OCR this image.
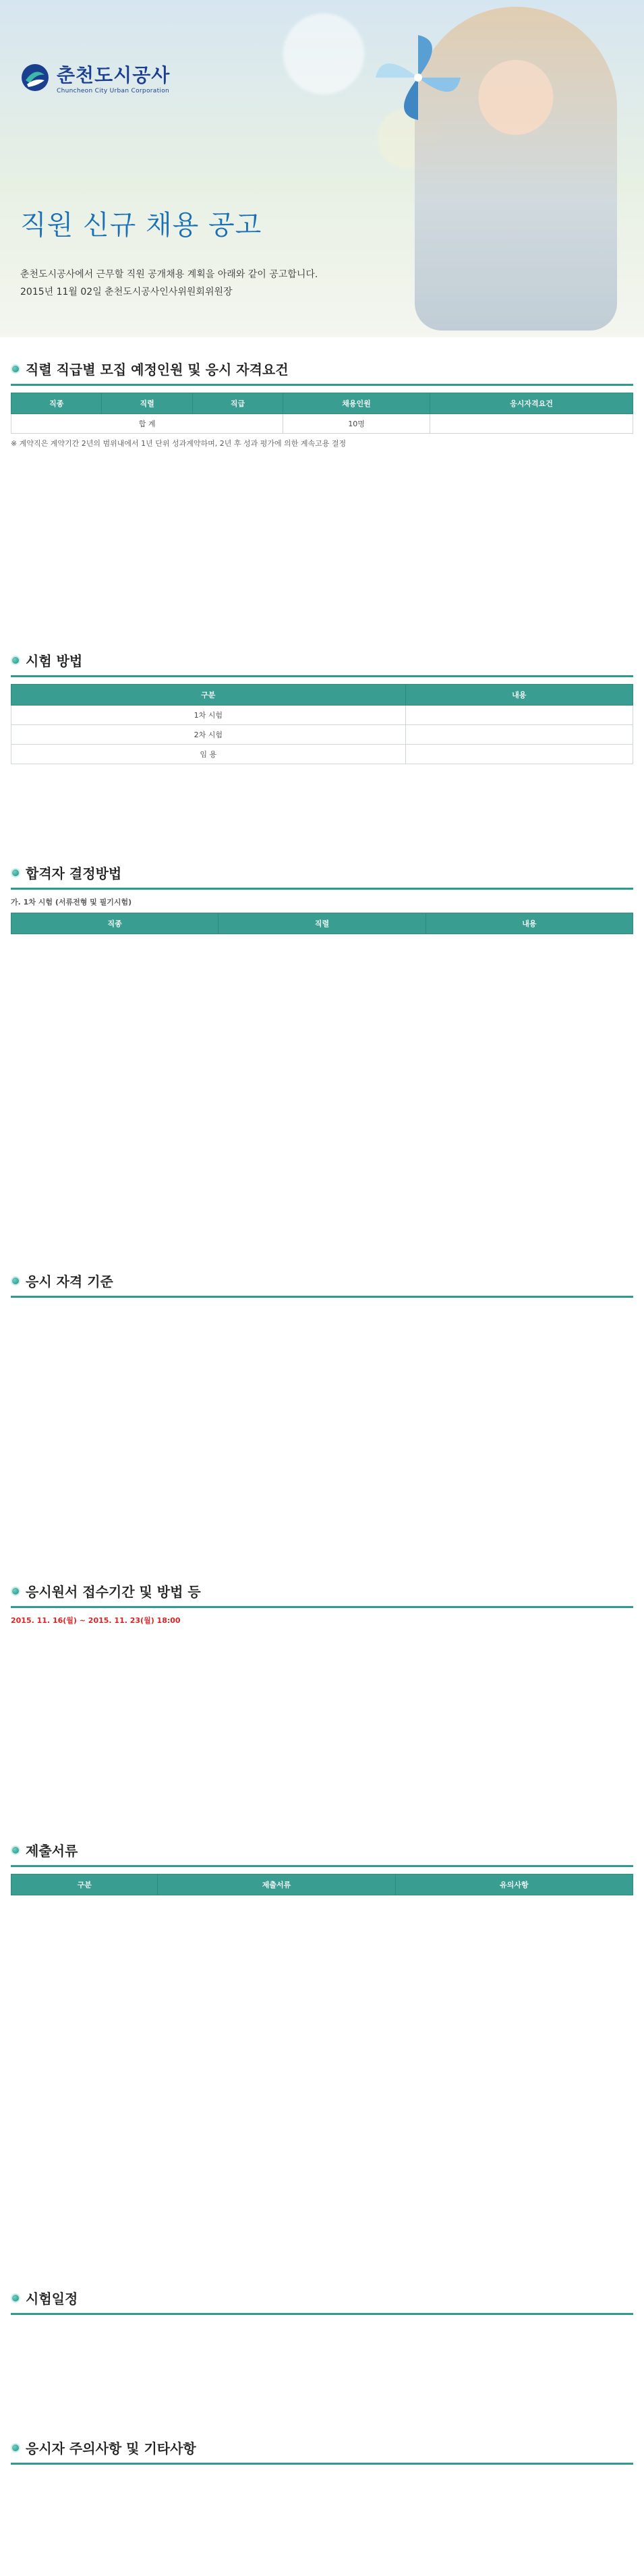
춘천도시공사
Chuncheon City Urban Corporation
직원 신규 채용 공고
춘천도시공사에서 근무할 직원 공개채용 계획을 아래와 같이 공고합니다.
2015년 11월 02일 춘천도시공사인사위원회위원장
직렬 직급별 모집 예정인원 및 응시 자격요건
직종	직렬	직급	채용인원	응시자격요건
합 계			10명	
※ 계약직은 계약기간 2년의 범위내에서 1년 단위 성과계약하며, 2년 후 성과 평가에 의한 계속고용 결정
시험 방법
구분	내용
1차 시험	
2차 시험	
임 용	
합격자 결정방법
가. 1차 시험 (서류전형 및 필기시험)
직종	직렬	내용
응시 자격 기준
응시원서 접수기간 및 방법 등
2015. 11. 16(월) ~ 2015. 11. 23(월) 18:00
제출서류
구분	제출서류	유의사항
시험일정
응시자 주의사항 및 기타사항
